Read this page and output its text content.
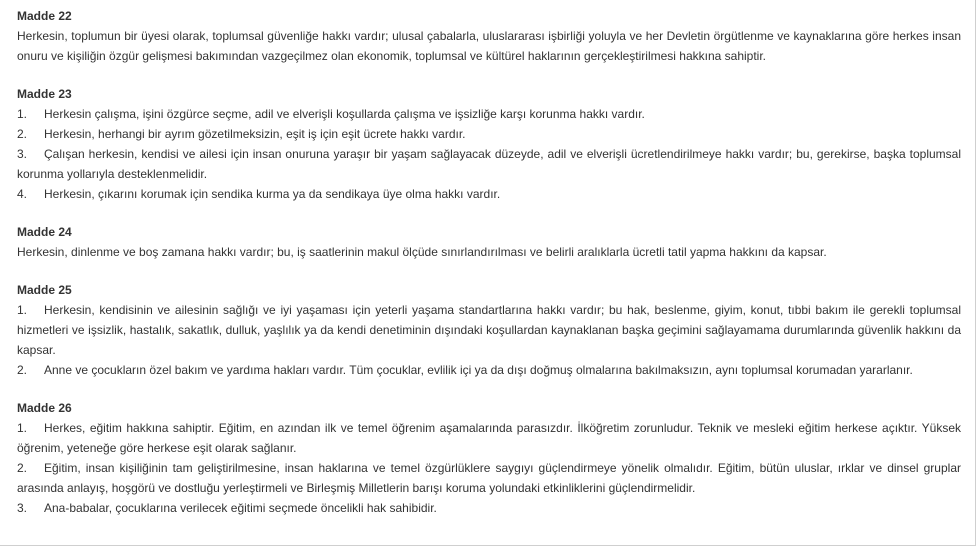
Madde 22
Herkesin, toplumun bir üyesi olarak, toplumsal güvenliğe hakkı vardır; ulusal çabalarla, uluslararası işbirliği yoluyla ve her Devletin örgütlenme ve kaynaklarına göre herkes insan onuru ve kişiliğin özgür gelişmesi bakımından vazgeçilmez olan ekonomik, toplumsal ve kültürel haklarının gerçekleştirilmesi hakkına sahiptir.
Madde 23
1. Herkesin çalışma, işini özgürce seçme, adil ve elverişli koşullarda çalışma ve işsizliğe karşı korunma hakkı vardır.
2. Herkesin, herhangi bir ayrım gözetilmeksizin, eşit iş için eşit ücrete hakkı vardır.
3. Çalışan herkesin, kendisi ve ailesi için insan onuruna yaraşır bir yaşam sağlayacak düzeyde, adil ve elverişli ücretlendirilmeye hakkı vardır; bu, gerekirse, başka toplumsal korunma yollarıyla desteklenmelidir.
4. Herkesin, çıkarını korumak için sendika kurma ya da sendikaya üye olma hakkı vardır.
Madde 24
Herkesin, dinlenme ve boş zamana hakkı vardır; bu, iş saatlerinin makul ölçüde sınırlandırılması ve belirli aralıklarla ücretli tatil yapma hakkını da kapsar.
Madde 25
1. Herkesin, kendisinin ve ailesinin sağlığı ve iyi yaşaması için yeterli yaşama standartlarına hakkı vardır; bu hak, beslenme, giyim, konut, tıbbi bakım ile gerekli toplumsal hizmetleri ve işsizlik, hastalık, sakatlık, dulluk, yaşlılık ya da kendi denetiminin dışındaki koşullardan kaynaklanan başka geçimini sağlayamama durumlarında güvenlik hakkını da kapsar.
2. Anne ve çocukların özel bakım ve yardıma hakları vardır. Tüm çocuklar, evlilik içi ya da dışı doğmuş olmalarına bakılmaksızın, aynı toplumsal korumadan yararlanır.
Madde 26
1. Herkes, eğitim hakkına sahiptir. Eğitim, en azından ilk ve temel öğrenim aşamalarında parasızdır. İlköğretim zorunludur. Teknik ve mesleki eğitim herkese açıktır. Yüksek öğrenim, yeteneğe göre herkese eşit olarak sağlanır.
2. Eğitim, insan kişiliğinin tam geliştirilmesine, insan haklarına ve temel özgürlüklere saygıyı güçlendirmeye yönelik olmalıdır. Eğitim, bütün uluslar, ırklar ve dinsel gruplar arasında anlayış, hoşgörü ve dostluğu yerleştirmeli ve Birleşmiş Milletlerin barışı koruma yolundaki etkinliklerini güçlendirmelidir.
3. Ana-babalar, çocuklarına verilecek eğitimi seçmede öncelikli hak sahibidir.
